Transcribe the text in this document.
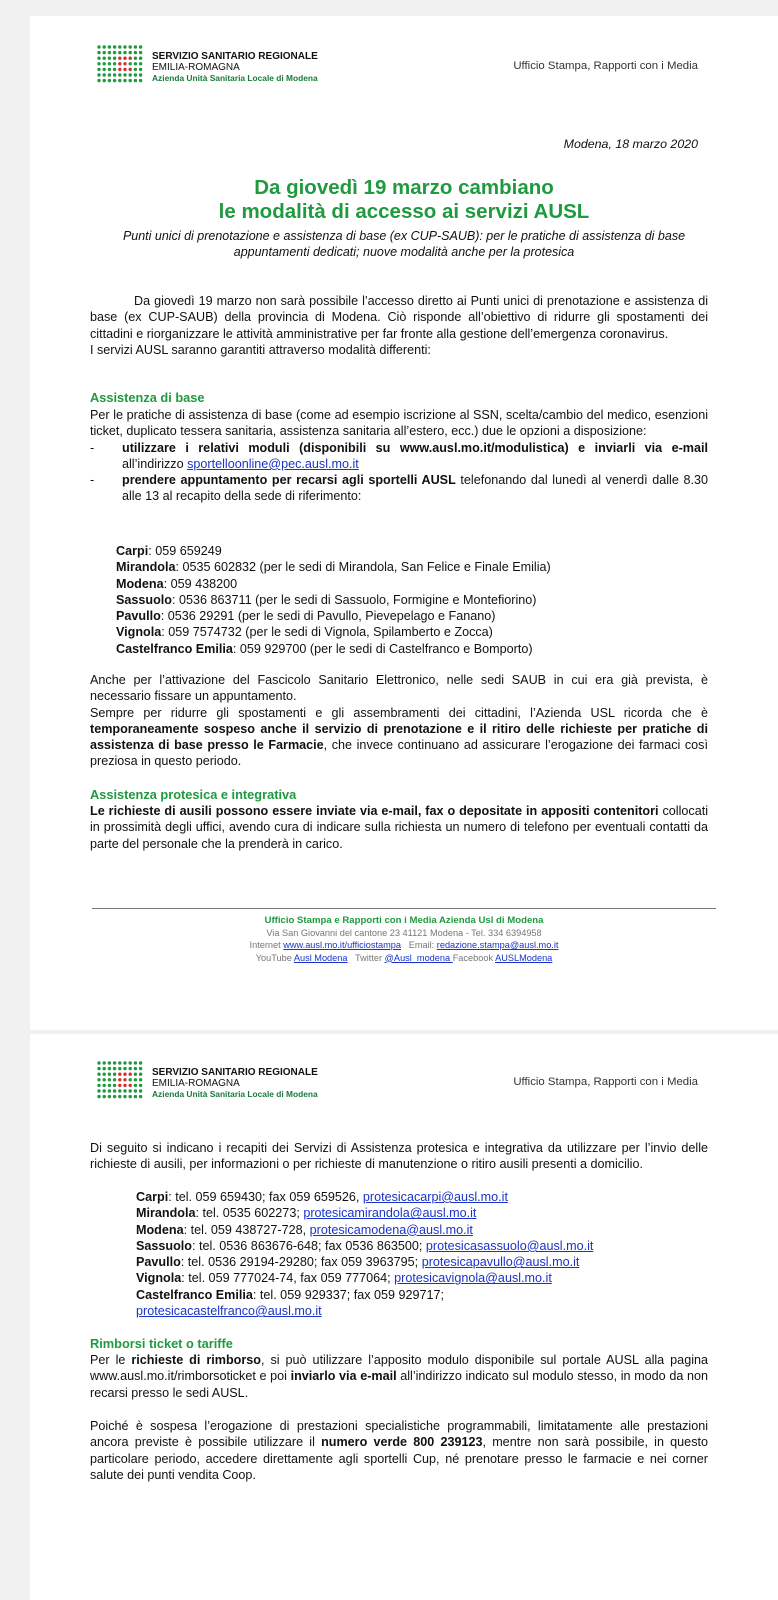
SERVIZIO SANITARIO REGIONALE
EMILIA-ROMAGNA
Azienda Unità Sanitaria Locale di Modena
Ufficio Stampa, Rapporti con i Media
Modena, 18 marzo 2020
Da giovedì 19 marzo cambiano
le modalità di accesso ai servizi AUSL
Punti unici di prenotazione e assistenza di base (ex CUP-SAUB): per le pratiche di assistenza di base appuntamenti dedicati; nuove modalità anche per la protesica
Da giovedì 19 marzo non sarà possibile l’accesso diretto ai Punti unici di prenotazione e assistenza di base (ex CUP-SAUB) della provincia di Modena. Ciò risponde all’obiettivo di ridurre gli spostamenti dei cittadini e riorganizzare le attività amministrative per far fronte alla gestione dell’emergenza coronavirus.
I servizi AUSL saranno garantiti attraverso modalità differenti:
Assistenza di base
Per le pratiche di assistenza di base (come ad esempio iscrizione al SSN, scelta/cambio del medico, esenzioni ticket, duplicato tessera sanitaria, assistenza sanitaria all’estero, ecc.) due le opzioni a disposizione:
- utilizzare i relativi moduli (disponibili su www.ausl.mo.it/modulistica) e inviarli via e-mail all’indirizzo sportelloonline@pec.ausl.mo.it
- prendere appuntamento per recarsi agli sportelli AUSL telefonando dal lunedì al venerdì dalle 8.30 alle 13 al recapito della sede di riferimento:
Carpi: 059 659249
Mirandola: 0535 602832 (per le sedi di Mirandola, San Felice e Finale Emilia)
Modena: 059 438200
Sassuolo: 0536 863711 (per le sedi di Sassuolo, Formigine e Montefiorino)
Pavullo: 0536 29291 (per le sedi di Pavullo, Pievepelago e Fanano)
Vignola: 059 7574732 (per le sedi di Vignola, Spilamberto e Zocca)
Castelfranco Emilia: 059 929700 (per le sedi di Castelfranco e Bomporto)
Anche per l’attivazione del Fascicolo Sanitario Elettronico, nelle sedi SAUB in cui era già prevista, è necessario fissare un appuntamento.
Sempre per ridurre gli spostamenti e gli assembramenti dei cittadini, l’Azienda USL ricorda che è temporaneamente sospeso anche il servizio di prenotazione e il ritiro delle richieste per pratiche di assistenza di base presso le Farmacie, che invece continuano ad assicurare l’erogazione dei farmaci così preziosa in questo periodo.
Assistenza protesica e integrativa
Le richieste di ausili possono essere inviate via e-mail, fax o depositate in appositi contenitori collocati in prossimità degli uffici, avendo cura di indicare sulla richiesta un numero di telefono per eventuali contatti da parte del personale che la prenderà in carico.
Ufficio Stampa e Rapporti con i Media Azienda Usl di Modena
Via San Giovanni del cantone 23 41121 Modena - Tel. 334 6394958
Internet www.ausl.mo.it/ufficiostampa   Email: redazione.stampa@ausl.mo.it
YouTube Ausl Modena   Twitter @Ausl_modena Facebook AUSLModena
SERVIZIO SANITARIO REGIONALE
EMILIA-ROMAGNA
Azienda Unità Sanitaria Locale di Modena
Ufficio Stampa, Rapporti con i Media
Di seguito si indicano i recapiti dei Servizi di Assistenza protesica e integrativa da utilizzare per l’invio delle richieste di ausili, per informazioni o per richieste di manutenzione o ritiro ausili presenti a domicilio.
Carpi: tel. 059 659430; fax 059 659526, protesicacarpi@ausl.mo.it
Mirandola: tel. 0535 602273; protesicamirandola@ausl.mo.it
Modena: tel. 059 438727-728, protesicamodena@ausl.mo.it
Sassuolo: tel. 0536 863676-648; fax 0536 863500; protesicasassuolo@ausl.mo.it
Pavullo: tel. 0536 29194-29280; fax 059 3963795; protesicapavullo@ausl.mo.it
Vignola: tel. 059 777024-74, fax 059 777064; protesicavignola@ausl.mo.it
Castelfranco Emilia: tel. 059 929337; fax 059 929717;
protesicacastelfranco@ausl.mo.it
Rimborsi ticket o tariffe
Per le richieste di rimborso, si può utilizzare l’apposito modulo disponibile sul portale AUSL alla pagina www.ausl.mo.it/rimborsoticket e poi inviarlo via e-mail all’indirizzo indicato sul modulo stesso, in modo da non recarsi presso le sedi AUSL.
Poiché è sospesa l’erogazione di prestazioni specialistiche programmabili, limitatamente alle prestazioni ancora previste è possibile utilizzare il numero verde 800 239123, mentre non sarà possibile, in questo particolare periodo, accedere direttamente agli sportelli Cup, né prenotare presso le farmacie e nei corner salute dei punti vendita Coop.
